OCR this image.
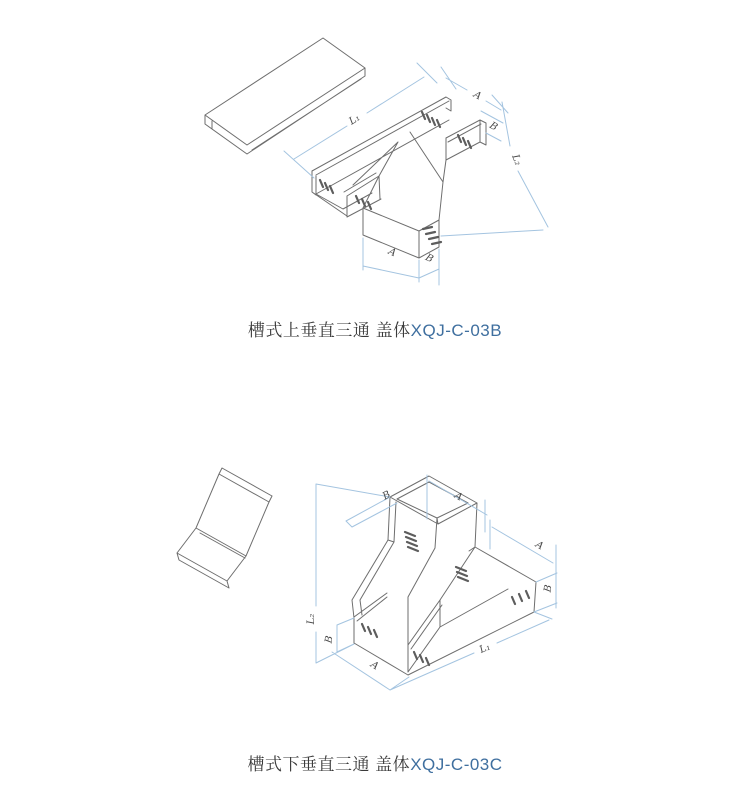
L₁
A
B
L₂
A	B
B	A
A
B
L₂
B
A
L₁
槽式上垂直三通 盖体XQJ-C-03B
槽式下垂直三通 盖体XQJ-C-03C
